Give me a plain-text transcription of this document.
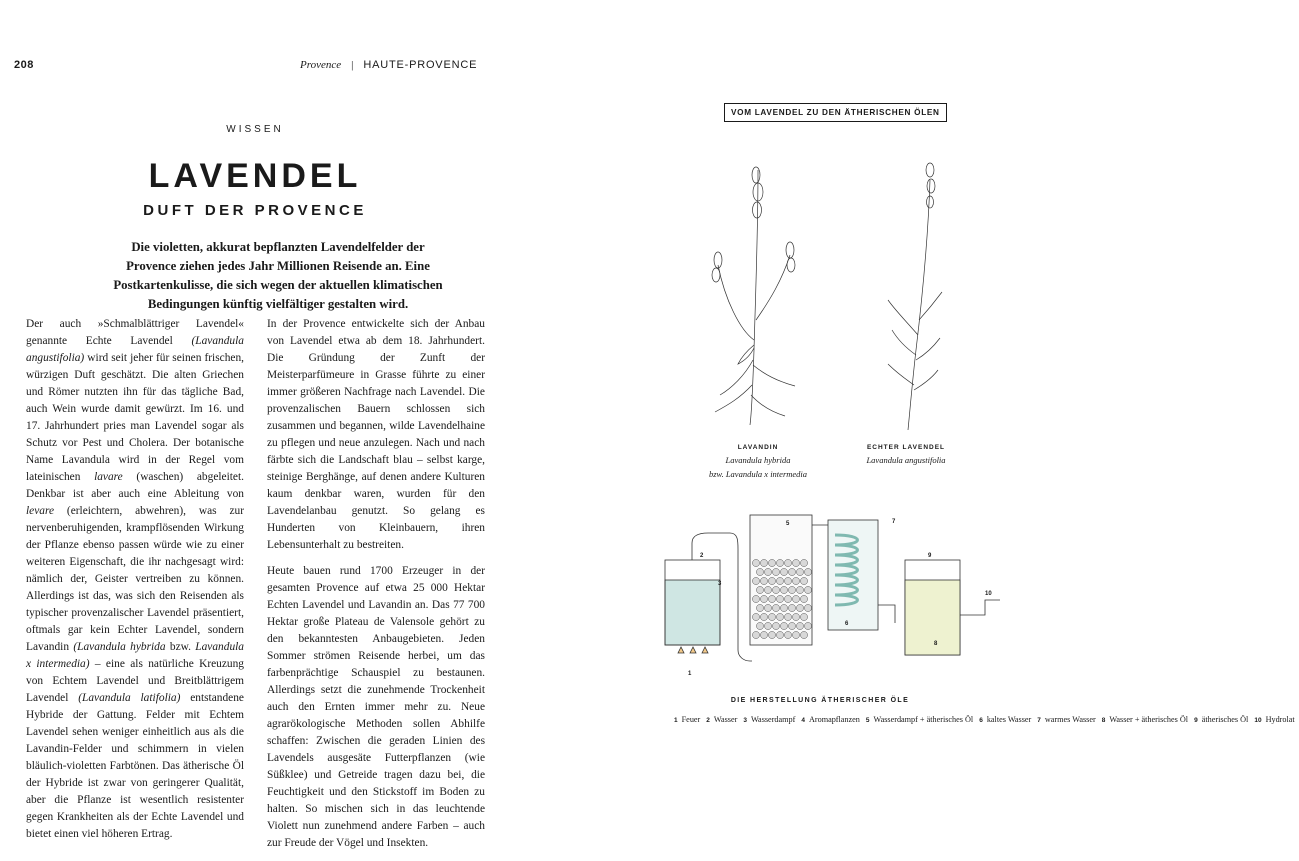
208	Provence | HAUTE-PROVENCE
WISSEN
LAVENDEL
DUFT DER PROVENCE

Die violetten, akkurat bepflanzten Lavendelfelder der Provence ziehen jedes Jahr Millionen Reisende an. Eine Postkartenkulisse, die sich wegen der aktuellen klimatischen Bedingungen künftig vielfältiger gestalten wird.

Der auch »Schmalblättriger Lavendel« genannte Echte Lavendel (Lavandula angustifolia) wird seit jeher für seinen frischen, würzigen Duft geschätzt. Die alten Griechen und Römer nutzten ihn für das tägliche Bad, auch Wein wurde damit gewürzt. Im 16. und 17. Jahrhundert pries man Lavendel sogar als Schutz vor Pest und Cholera. Der botanische Name Lavandula wird in der Regel vom lateinischen lavare (waschen) abgeleitet. Denkbar ist aber auch eine Ableitung von levare (erleichtern, abwehren), was zur nervenberuhigenden, krampflösenden Wirkung der Pflanze ebenso passen würde wie zu einer weiteren Eigenschaft, die ihr nachgesagt wird: nämlich der, Geister vertreiben zu können. Allerdings ist das, was sich den Reisenden als typischer provenzalischer Lavendel präsentiert, oftmals gar kein Echter Lavendel, sondern Lavandin (Lavandula hybrida bzw. Lavandula x intermedia) – eine als natürliche Kreuzung von Echtem Lavendel und Breitblättrigem Lavendel (Lavandula latifolia) entstandene Hybride der Gattung. Felder mit Echtem Lavendel sehen weniger einheitlich aus als die Lavandin-Felder und schimmern in vielen bläulich-violetten Farbtönen. Das ätherische Öl der Hybride ist zwar von geringerer Qualität, aber die Pflanze ist wesentlich resistenter gegen Krankheiten als der Echte Lavendel und bietet einen viel höheren Ertrag.

In der Provence entwickelte sich der Anbau von Lavendel etwa ab dem 18. Jahrhundert. Die Gründung der Zunft der Meisterparfümeure in Grasse führte zu einer immer größeren Nachfrage nach Lavendel. Die provenzalischen Bauern schlossen sich zusammen und begannen, wilde Lavendelhaine zu pflegen und neue anzulegen. Nach und nach färbte sich die Landschaft blau – selbst karge, steinige Berghänge, auf denen andere Kulturen kaum denkbar waren, wurden für den Lavendelanbau genutzt. So gelang es Hunderten von Kleinbauern, ihren Lebensunterhalt zu bestreiten.

Heute bauen rund 1700 Erzeuger in der gesamten Provence auf etwa 25 000 Hektar Echten Lavendel und Lavandin an. Das 77 700 Hektar große Plateau de Valensole gehört zu den bekanntesten Anbaugebieten. Jeden Sommer strömen Reisende herbei, um das farbenprächtige Schauspiel zu bestaunen. Allerdings setzt die zunehmende Trockenheit auch den Ernten immer mehr zu. Neue agrarökologische Methoden sollen Abhilfe schaffen: Zwischen die geraden Linien des Lavendels ausgesäte Futterpflanzen (wie Süßklee) und Getreide tragen dazu bei, die Feuchtigkeit und den Stickstoff im Boden zu halten. So mischen sich in das leuchtende Violett nun zunehmend andere Farben – auch zur Freude der Vögel und Insekten.

VOM LAVENDEL ZU DEN ÄTHERISCHEN ÖLEN
LAVANDIN
Lavandula hybrida
bzw. Lavandula x intermedia
ECHTER LAVENDEL
Lavandula angustifolia
1
2
3
5	7
6
8
9
10
DIE HERSTELLUNG ÄTHERISCHER ÖLE
1 Feuer 2 Wasser 3 Wasserdampf 4 Aromapflanzen 5 Wasserdampf + ätherisches Öl 6 kaltes Wasser 7 warmes Wasser 8 Wasser + ätherisches Öl 9 ätherisches Öl 10 Hydrolat
